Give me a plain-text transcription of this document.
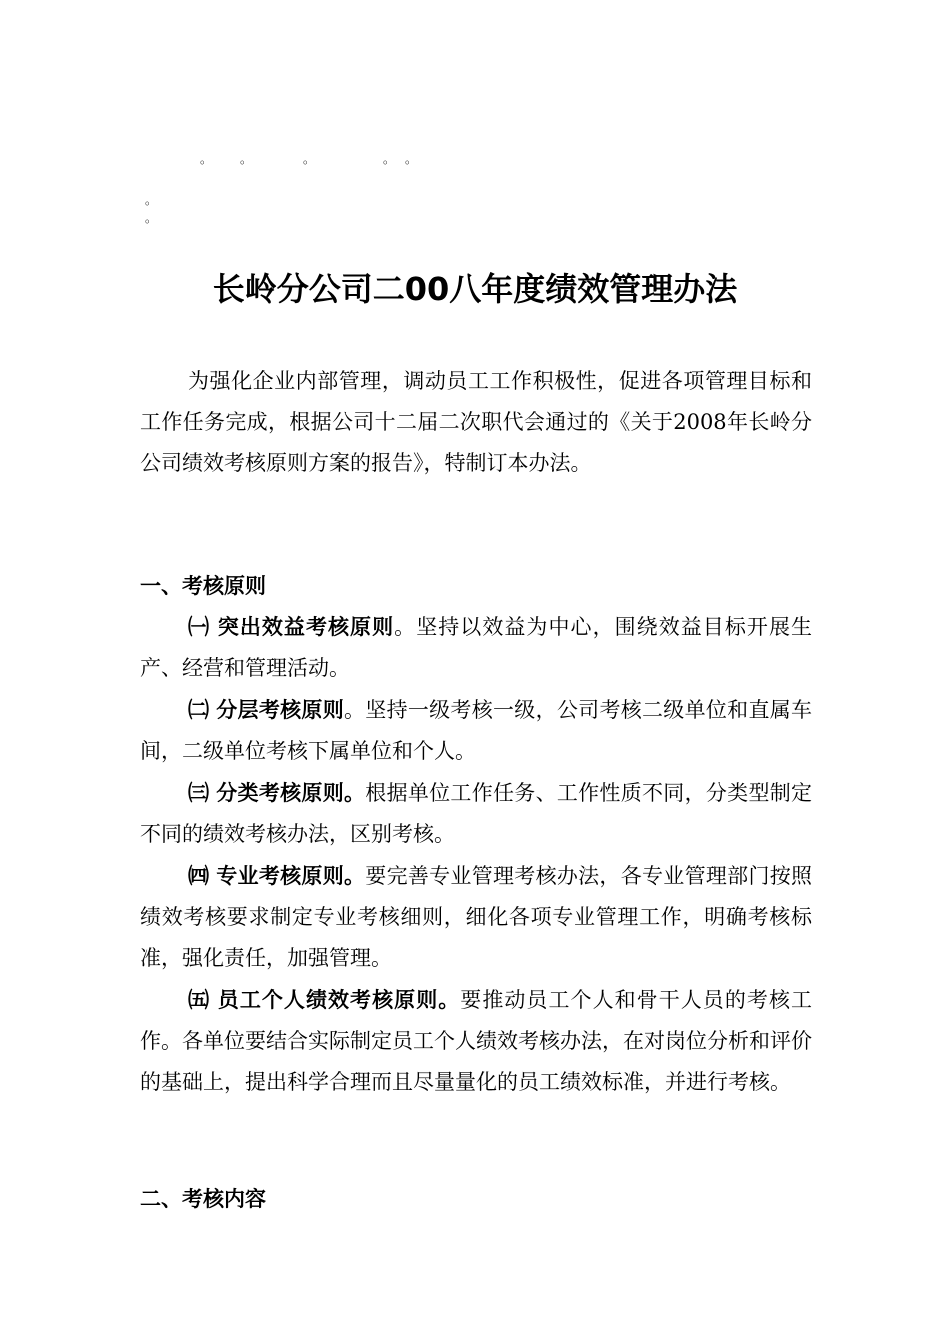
。 。	。	。 。
。
。
长岭分公司二00八年度绩效管理办法

为强化企业内部管理，调动员工工作积极性，促进各项管理目标和工作任务完成，根据公司十二届二次职代会通过的《关于2008年长岭分公司绩效考核原则方案的报告》，特制订本办法。

一、考核原则

㈠ 突出效益考核原则。坚持以效益为中心，围绕效益目标开展生产、经营和管理活动。

㈡ 分层考核原则。坚持一级考核一级，公司考核二级单位和直属车间，二级单位考核下属单位和个人。

㈢ 分类考核原则。根据单位工作任务、工作性质不同，分类型制定不同的绩效考核办法，区别考核。

㈣ 专业考核原则。要完善专业管理考核办法，各专业管理部门按照绩效考核要求制定专业考核细则，细化各项专业管理工作，明确考核标准，强化责任，加强管理。

㈤ 员工个人绩效考核原则。要推动员工个人和骨干人员的考核工作。各单位要结合实际制定员工个人绩效考核办法，在对岗位分析和评价的基础上，提出科学合理而且尽量量化的员工绩效标准，并进行考核。

二、考核内容
